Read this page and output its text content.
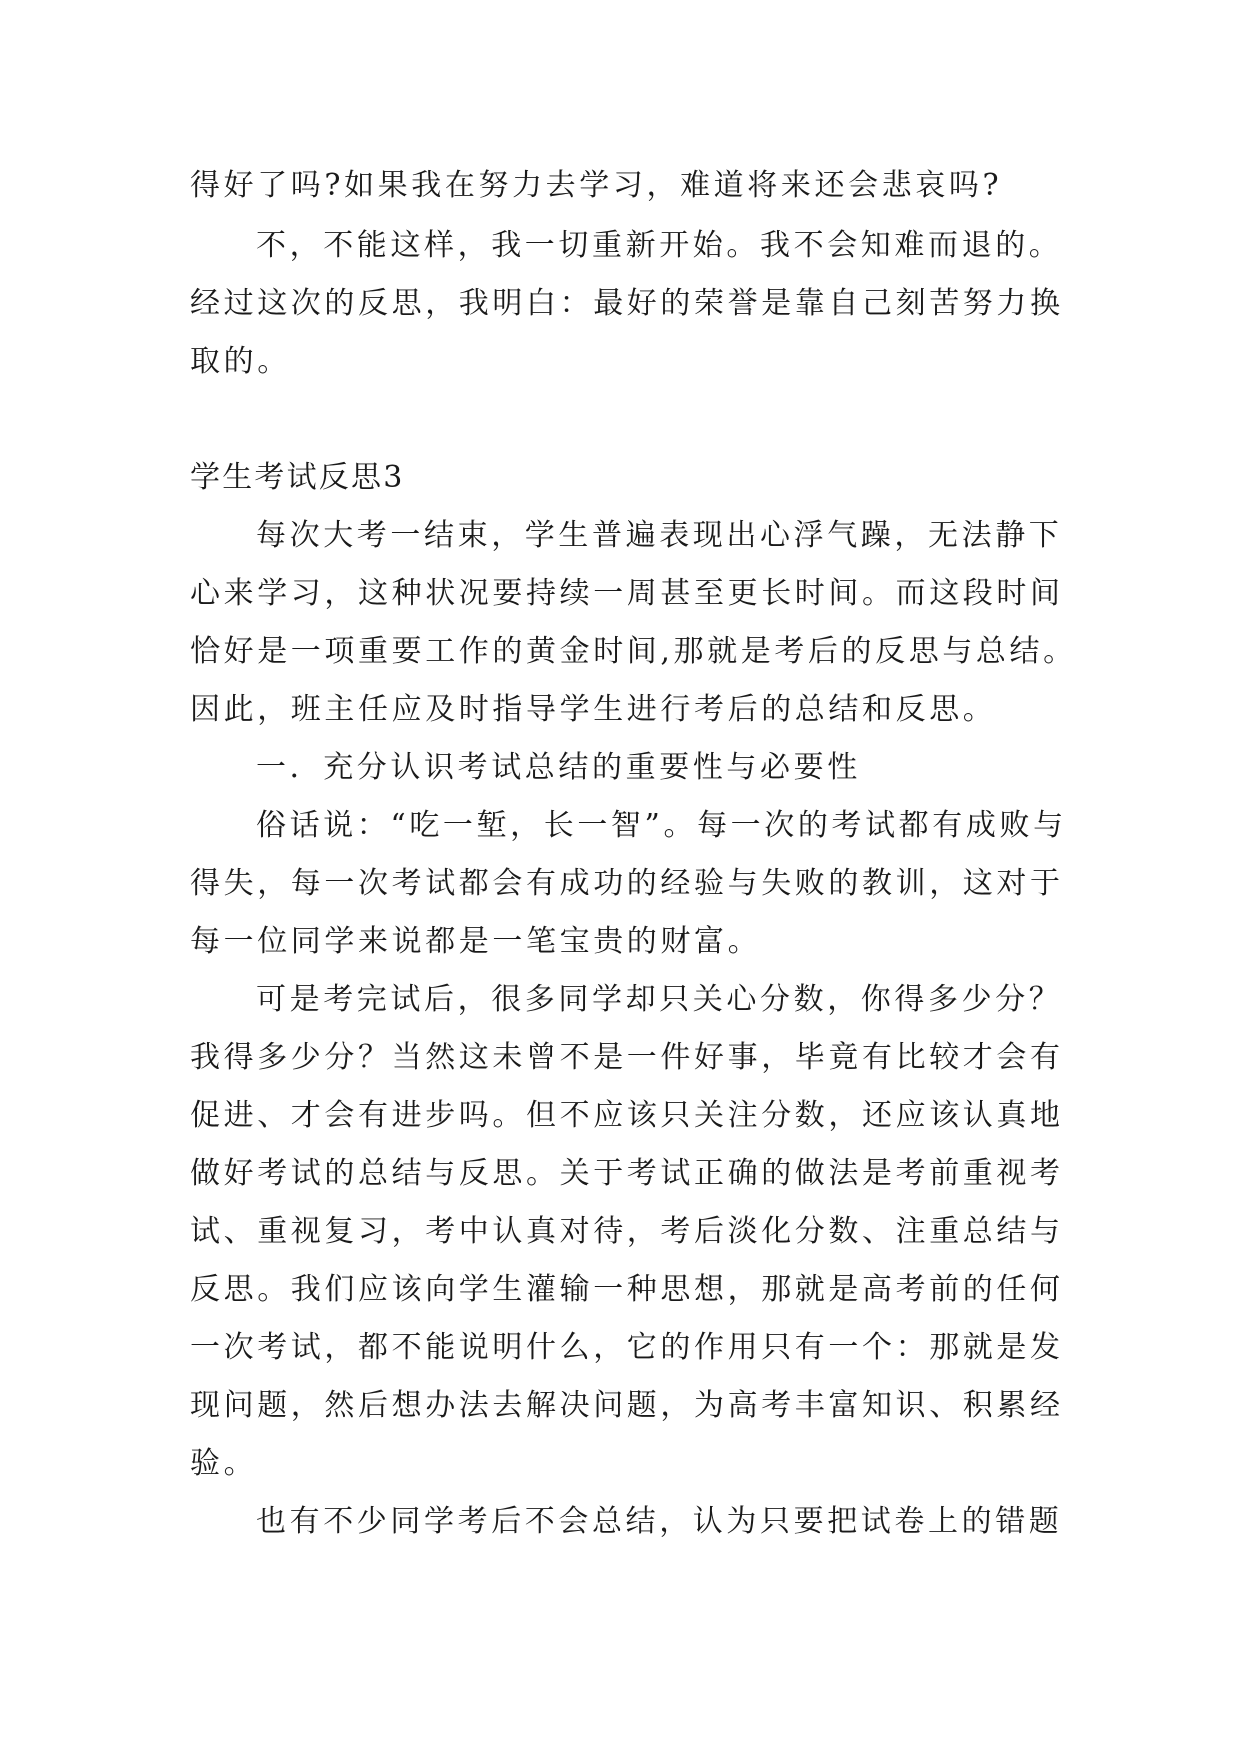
得好了吗?如果我在努力去学习，难道将来还会悲哀吗?
不，不能这样，我一切重新开始。我不会知难而退的。
经过这次的反思，我明白：最好的荣誉是靠自己刻苦努力换
取的。
学生考试反思3
每次大考一结束，学生普遍表现出心浮气躁，无法静下
心来学习，这种状况要持续一周甚至更长时间。而这段时间
恰好是一项重要工作的黄金时间,那就是考后的反思与总结。
因此，班主任应及时指导学生进行考后的总结和反思。
一．充分认识考试总结的重要性与必要性
俗话说：“吃一堑，长一智”。每一次的考试都有成败与
得失，每一次考试都会有成功的经验与失败的教训，这对于
每一位同学来说都是一笔宝贵的财富。
可是考完试后，很多同学却只关心分数，你得多少分？
我得多少分？当然这未曾不是一件好事，毕竟有比较才会有
促进、才会有进步吗。但不应该只关注分数，还应该认真地
做好考试的总结与反思。关于考试正确的做法是考前重视考
试、重视复习，考中认真对待，考后淡化分数、注重总结与
反思。我们应该向学生灌输一种思想，那就是高考前的任何
一次考试，都不能说明什么，它的作用只有一个：那就是发
现问题，然后想办法去解决问题，为高考丰富知识、积累经
验。
也有不少同学考后不会总结，认为只要把试卷上的错题
